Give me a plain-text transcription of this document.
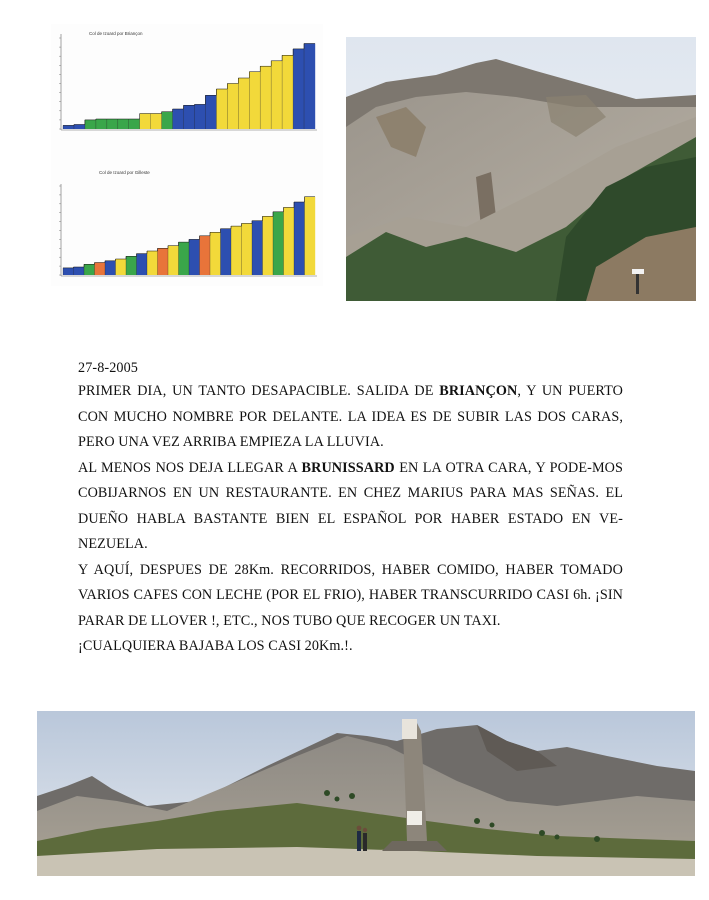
Col de Izoard por Briançon
Col de Izoard por Gilleste
27-8-2005

PRIMER DIA, UN TANTO DESAPACIBLE. SALIDA DE BRIANÇON, Y UN PUERTO CON MUCHO NOMBRE POR DELANTE. LA IDEA ES DE SUBIR LAS DOS CARAS, PERO UNA VEZ ARRIBA EMPIEZA LA LLUVIA.

AL MENOS NOS DEJA LLEGAR A BRUNISSARD EN LA OTRA CARA, Y PODE-MOS COBIJARNOS EN UN RESTAURANTE. EN CHEZ MARIUS PARA MAS SEÑAS. EL DUEÑO HABLA BASTANTE BIEN EL ESPAÑOL POR HABER ESTADO EN VE-NEZUELA.

Y AQUÍ, DESPUES DE 28Km. RECORRIDOS, HABER COMIDO, HABER TOMADO VARIOS CAFES CON LECHE (POR EL FRIO), HABER TRANSCURRIDO CASI 6h. ¡SIN PARAR DE LLOVER !, ETC., NOS TUBO QUE RECOGER UN TAXI.

¡CUALQUIERA BAJABA LOS CASI 20Km.!.
